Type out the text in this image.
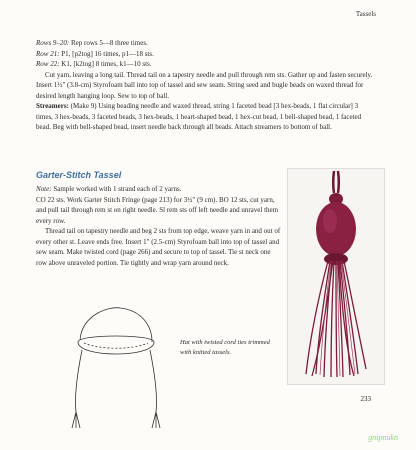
Tassels

Rows 9–20: Rep rows 5—8 three times.

Row 21: P1, [p2tog] 16 times, p1—18 sts.

Row 22: K1, [k2tog] 8 times, k1—10 sts.

Cut yarn, leaving a long tail. Thread tail on a tapestry needle and pull through rem sts. Gather up and fasten securely. Insert 1½" (3.8-cm) Styrofoam ball into top of tassel and sew seam. String seed and bugle beads on waxed thread for desired length hanging loop. Sew to top of ball.

Streamers: (Make 9) Using beading needle and waxed thread, string 1 faceted bead [3 hex-beads, 1 flat circular] 3 times, 3 hex-beads, 3 faceted beads, 3 hex-beads, 1 heart-shaped bead, 1 hex-cut bead, 1 bell-shaped bead, 1 faceted bead. Beg with bell-shaped bead, insert needle back through all beads. Attach streamers to bottom of ball.

Garter-Stitch Tassel

Note: Sample worked with 1 strand each of 2 yarns.

CO 22 sts. Work Garter Stitch Fringe (page 213) for 3½" (9 cm). BO 12 sts, cut yarn, and pull tail through rem st on right needle. Sl rem sts off left needle and unravel them every row.

Thread tail on tapestry needle and beg 2 sts from top edge, weave yarn in and out of every other st. Leave ends free. Insert 1" (2.5-cm) Styrofoam ball into top of tassel and sew seam. Make twisted cord (page 266) and secure to top of tassel. Tie st neck one row above unraveled portion. Tie tightly and wrap yarn around neck.

Hat with twisted cord ties trimmed with knitted tassels.
233
gnipnukn
